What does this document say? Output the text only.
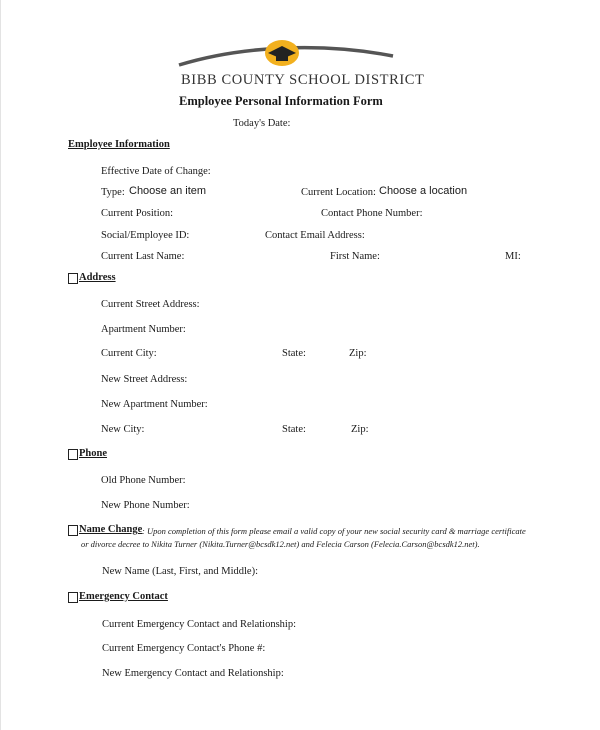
BIBB COUNTY SCHOOL DISTRICT
Employee Personal Information Form
Today's Date:
Employee Information
Effective Date of Change:
Type: Choose an item	Current Location: Choose a location
Current Position:	Contact Phone Number:
Social/Employee ID:	Contact Email Address:
Current Last Name:	First Name:	MI:
Address
Current Street Address:
Apartment Number:
Current City:	State:	Zip:
New Street Address:
New Apartment Number:
New City:	State:	Zip:
Phone
Old Phone Number:
New Phone Number:
Name Change : Upon completion of this form please email a valid copy of your new social security card & marriage certificate
or divorce decree to Nikita Turner (Nikita.Turner@bcsdk12.net) and Felecia Carson (Felecia.Carson@bcsdk12.net).
New Name (Last, First, and Middle):
Emergency Contact
Current Emergency Contact and Relationship:
Current Emergency Contact's Phone #:
New Emergency Contact and Relationship:
